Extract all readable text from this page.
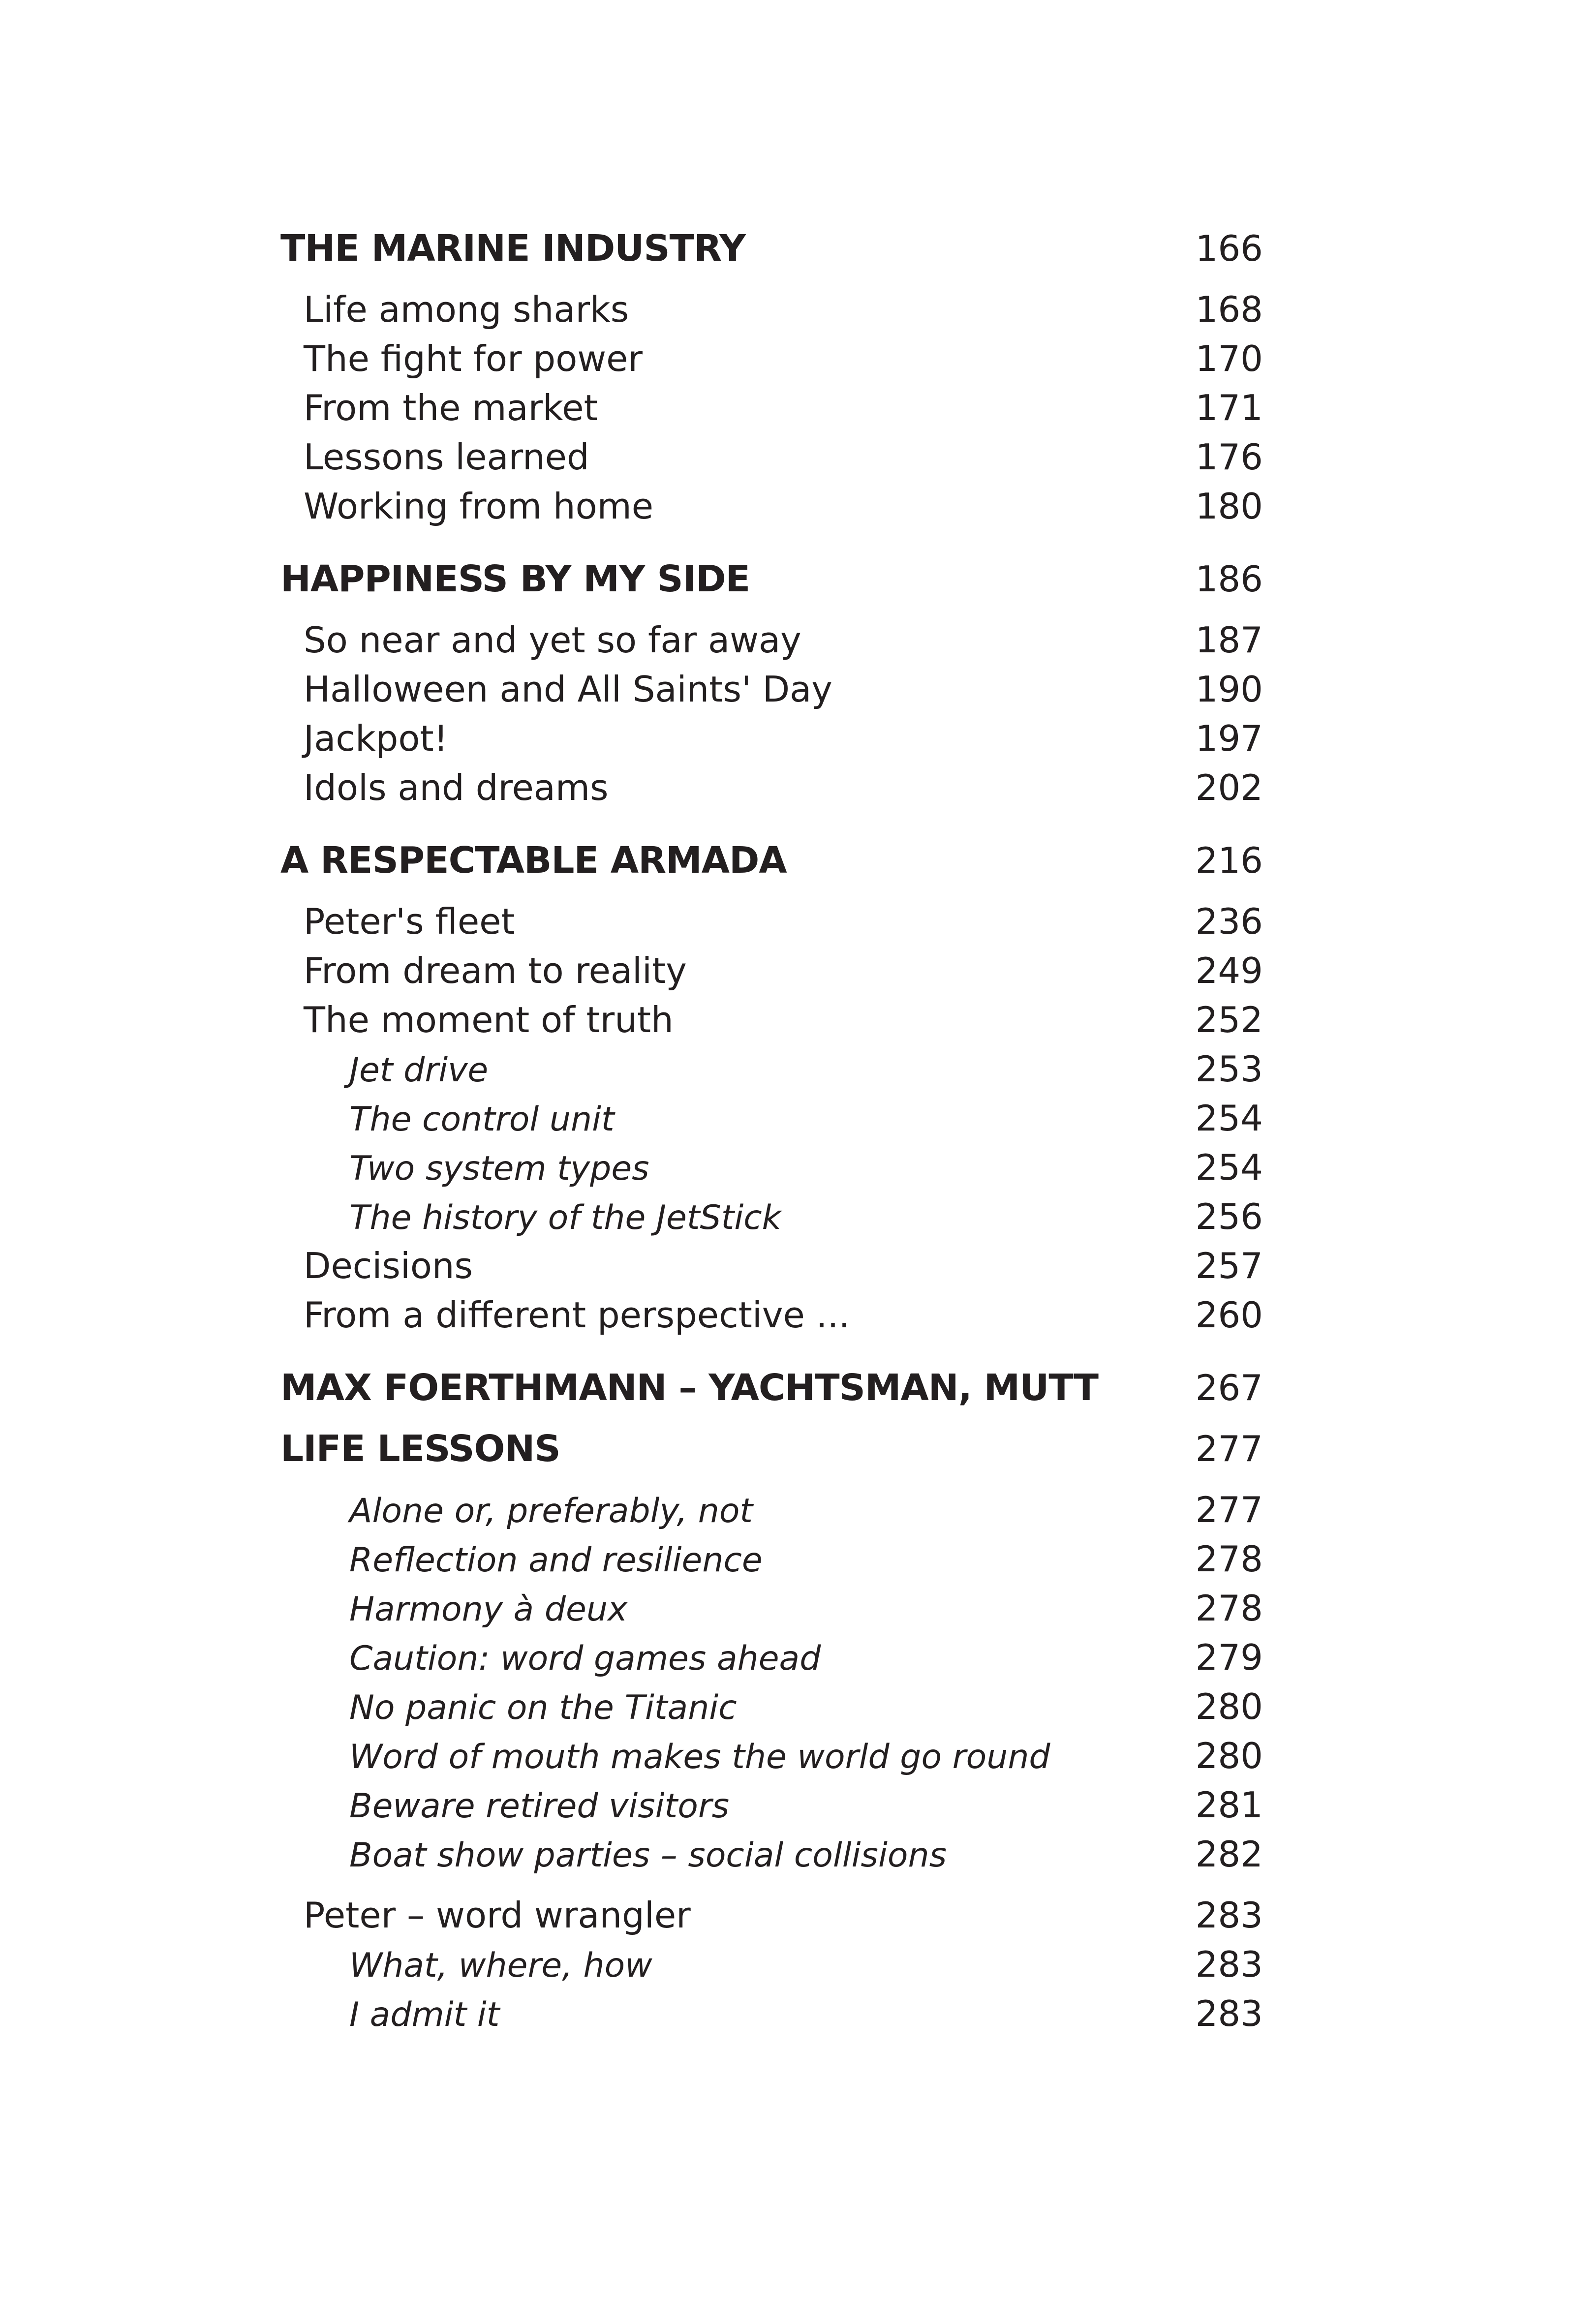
THE MARINE INDUSTRY	166
Life among sharks	168
The fight for power	170
From the market	171
Lessons learned	176
Working from home	180
HAPPINESS BY MY SIDE	186
So near and yet so far away	187
Halloween and All Saints' Day	190
Jackpot!	197
Idols and dreams	202
A RESPECTABLE ARMADA	216
Peter's fleet	236
From dream to reality	249
The moment of truth	252
Jet drive	253
The control unit	254
Two system types	254
The history of the JetStick	256
Decisions	257
From a different perspective ...	260
MAX FOERTHMANN – YACHTSMAN, MUTT	267
LIFE LESSONS	277
Alone or, preferably, not	277
Reflection and resilience	278
Harmony à deux	278
Caution: word games ahead	279
No panic on the Titanic	280
Word of mouth makes the world go round	280
Beware retired visitors	281
Boat show parties – social collisions	282
Peter – word wrangler	283
What, where, how	283
I admit it	283
